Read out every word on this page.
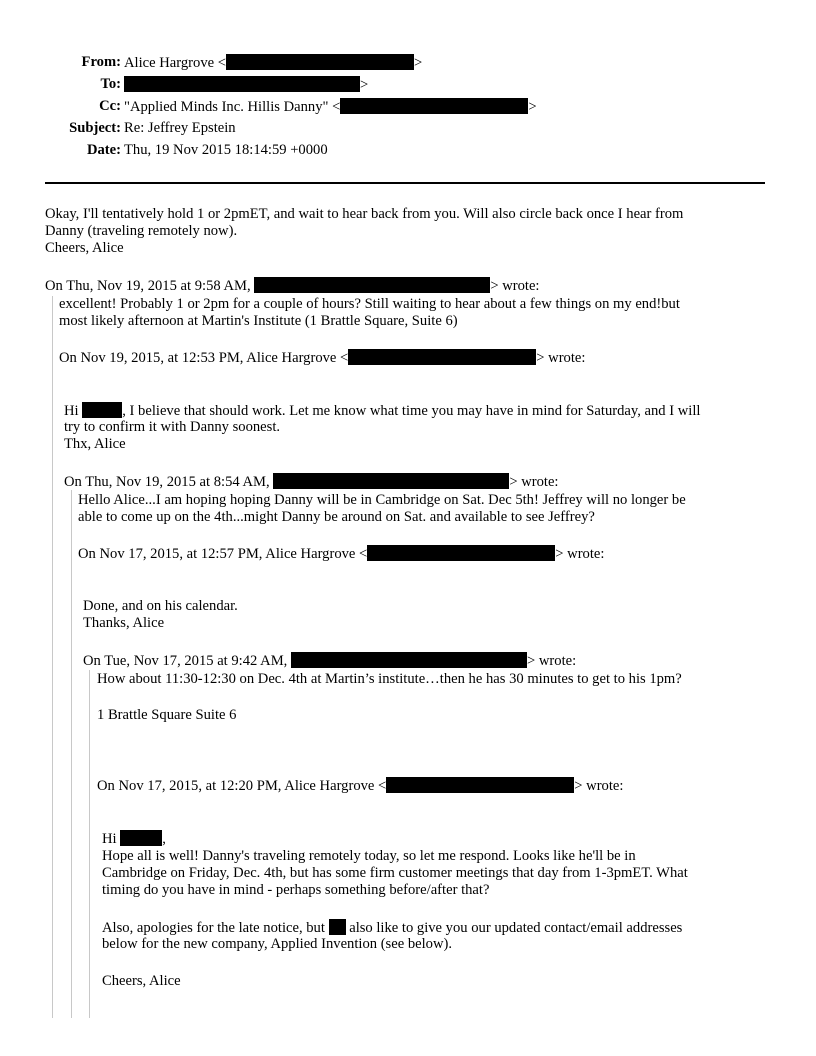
From: Alice Hargrove <	>
To:	>
Cc: "Applied Minds Inc. Hillis Danny" <	>
Subject: Re: Jeffrey Epstein
Date: Thu, 19 Nov 2015 18:14:59 +0000
Okay, I'll tentatively hold 1 or 2pmET, and wait to hear back from you. Will also circle back once I hear from
Danny (traveling remotely now).
Cheers, Alice
On Thu, Nov 19, 2015 at 9:58 AM,	> wrote:
excellent! Probably 1 or 2pm for a couple of hours? Still waiting to hear about a few things on my end!but
most likely afternoon at Martin's Institute (1 Brattle Square, Suite 6)
On Nov 19, 2015, at 12:53 PM, Alice Hargrove <	> wrote:
Hi	, I believe that should work. Let me know what time you may have in mind for Saturday, and I will
try to confirm it with Danny soonest.
Thx, Alice
On Thu, Nov 19, 2015 at 8:54 AM,	> wrote:
Hello Alice...I am hoping hoping Danny will be in Cambridge on Sat. Dec 5th! Jeffrey will no longer be
able to come up on the 4th...might Danny be around on Sat. and available to see Jeffrey?
On Nov 17, 2015, at 12:57 PM, Alice Hargrove <	> wrote:
Done, and on his calendar.
Thanks, Alice
On Tue, Nov 17, 2015 at 9:42 AM,	> wrote:
How about 11:30-12:30 on Dec. 4th at Martin’s institute…then he has 30 minutes to get to his 1pm?
1 Brattle Square Suite 6
On Nov 17, 2015, at 12:20 PM, Alice Hargrove <	> wrote:
Hi	,
Hope all is well! Danny's traveling remotely today, so let me respond. Looks like he'll be in
Cambridge on Friday, Dec. 4th, but has some firm customer meetings that day from 1-3pmET. What
timing do you have in mind - perhaps something before/after that?
Also, apologies for the late notice, but also like to give you our updated contact/email addresses
below for the new company, Applied Invention (see below).
Cheers, Alice
